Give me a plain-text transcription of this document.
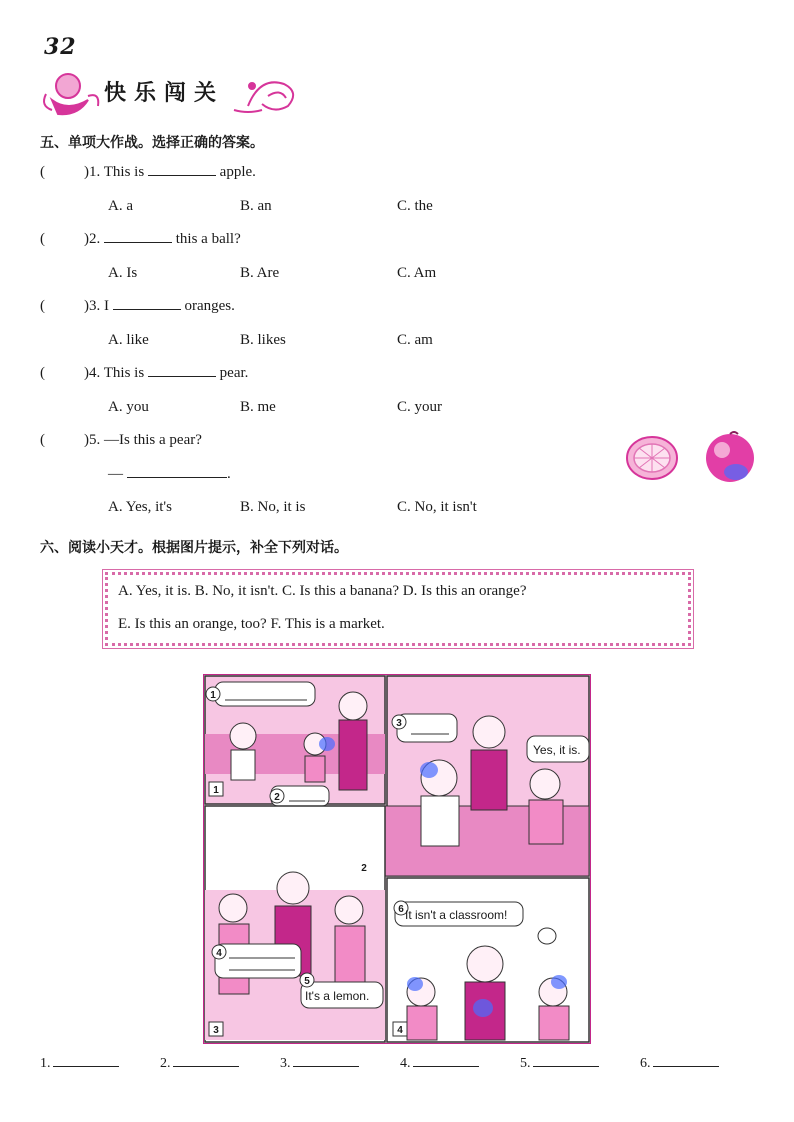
32
快乐闯关
五、单项大作战。选择正确的答案。
(	)1. This is	apple.
A. a	B. an	C. the
(	)2.	this a ball?
A. Is	B. Are	C. Am
(	)3. I	oranges.
A. like	B. likes	C. am
(	)4. This is	pear.
A. you	B. me	C. your
(	)5. —Is this a pear?
—	.
A. Yes, it's	B. No, it is	C. No, it isn't
六、阅读小天才。根据图片提示，补全下列对话。
A. Yes, it is. B. No, it isn't. C. Is this a banana? D. Is this an orange?
E. Is this an orange, too? F. This is a market.
Yes, it is.
It's a lemon.
It isn't a classroom!
1
2
3	4
1
2
3
4
5
6
1.	2.	3.	4.	5.	6.
